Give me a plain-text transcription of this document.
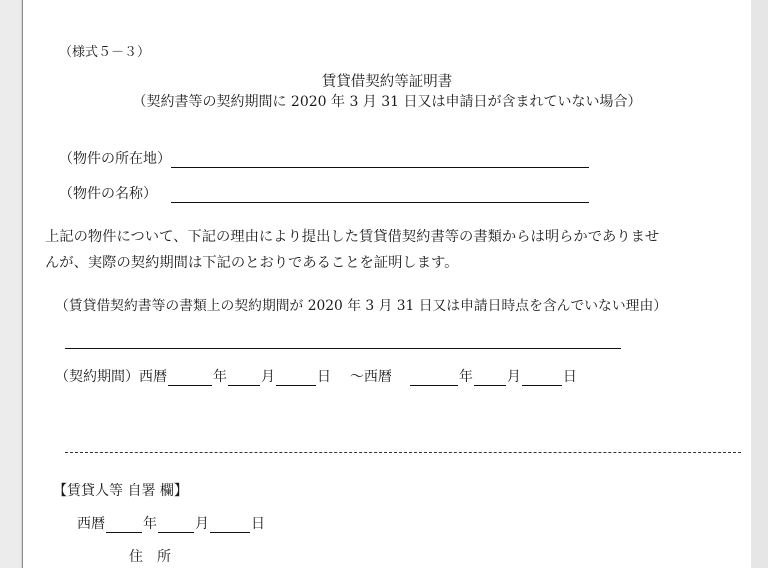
（様式５－３）
賃貸借契約等証明書
（契約書等の契約期間に 2020 年 3 月 31 日又は申請日が含まれていない場合）
（物件の所在地）
（物件の名称）
上記の物件について、下記の理由により提出した賃貸借契約書等の書類からは明らかでありませ
んが、実際の契約期間は下記のとおりであることを証明します。
（賃貸借契約書等の書類上の契約期間が 2020 年 3 月 31 日又は申請日時点を含んでいない理由）
（契約期間）西暦	年 月	日 ～西暦	年 月	日
【賃貸人等 自署 欄】
西暦	年	月	日
住　所
